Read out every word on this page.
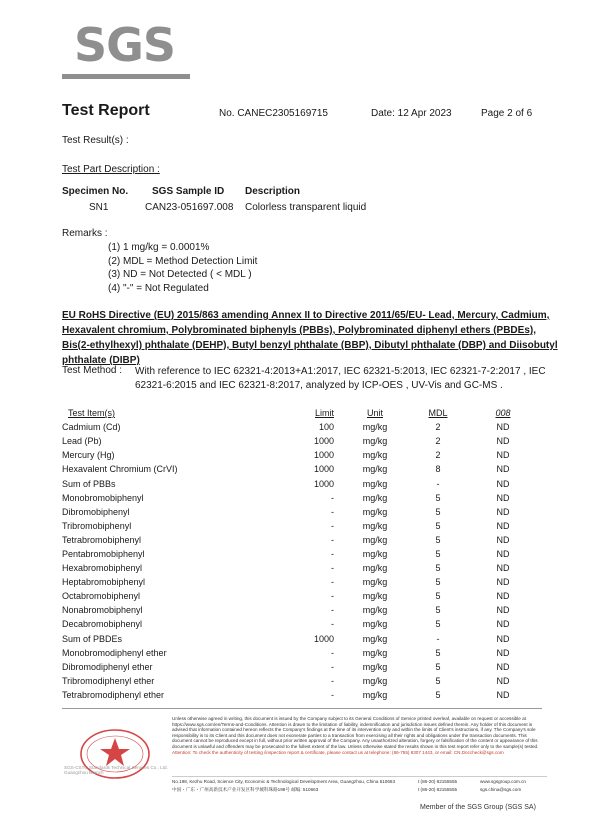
SGS
Test Report	No. CANEC2305169715	Date: 12 Apr 2023	Page 2 of 6
Test Result(s) :
Test Part Description :
Specimen No. SGS Sample ID Description
SN1	CAN23-051697.008 Colorless transparent liquid
Remarks :
(1) 1 mg/kg = 0.0001%
(2) MDL = Method Detection Limit
(3) ND = Not Detected ( < MDL )
(4) "-" = Not Regulated
EU RoHS Directive (EU) 2015/863 amending Annex II to Directive 2011/65/EU- Lead, Mercury, Cadmium,
Hexavalent chromium, Polybrominated biphenyls (PBBs), Polybrominated diphenyl ethers (PBDEs),
Bis(2-ethylhexyl) phthalate (DEHP), Butyl benzyl phthalate (BBP), Dibutyl phthalate (DBP) and Diisobutyl
phthalate (DIBP)
Test Method : With reference to IEC 62321-4:2013+A1:2017, IEC 62321-5:2013, IEC 62321-7-2:2017 , IEC
62321-6:2015 and IEC 62321-8:2017, analyzed by ICP-OES , UV-Vis and GC-MS .
Test Item(s)	Limit	Unit	MDL	008
Cadmium (Cd)	100	mg/kg	2	ND
Lead (Pb)	1000	mg/kg	2	ND
Mercury (Hg)	1000	mg/kg	2	ND
Hexavalent Chromium (CrVI)	1000	mg/kg	8	ND
Sum of PBBs	1000	mg/kg	-	ND
Monobromobiphenyl	-	mg/kg	5	ND
Dibromobiphenyl	-	mg/kg	5	ND
Tribromobiphenyl	-	mg/kg	5	ND
Tetrabromobiphenyl	-	mg/kg	5	ND
Pentabromobiphenyl	-	mg/kg	5	ND
Hexabromobiphenyl	-	mg/kg	5	ND
Heptabromobiphenyl	-	mg/kg	5	ND
Octabromobiphenyl	-	mg/kg	5	ND
Nonabromobiphenyl	-	mg/kg	5	ND
Decabromobiphenyl	-	mg/kg	5	ND
Sum of PBDEs	1000	mg/kg	-	ND
Monobromodiphenyl ether	-	mg/kg	5	ND
Dibromodiphenyl ether	-	mg/kg	5	ND
Tribromodiphenyl ether	-	mg/kg	5	ND
Tetrabromodiphenyl ether	-	mg/kg	5	ND
SGS-CSTC Standards Technical Services Co., Ltd.
Guangzhou Branch
Unless otherwise agreed in writing, this document is issued by the Company subject to its General Conditions of Service printed overleaf, available on request or accessible at https://www.sgs.com/en/Terms-and-Conditions. Attention is drawn to the limitation of liability, indemnification and jurisdiction issues defined therein. Any holder of this document is advised that information contained hereon reflects the Company's findings at the time of its intervention only and within the limits of Client's instructions, if any. The Company's sole responsibility is to its Client and this document does not exonerate parties to a transaction from exercising all their rights and obligations under the transaction documents. This document cannot be reproduced except in full, without prior written approval of the Company. Any unauthorized alteration, forgery or falsification of the content or appearance of this document is unlawful and offenders may be prosecuted to the fullest extent of the law. Unless otherwise stated the results shown in this test report refer only to the sample(s) tested.
Attention: To check the authenticity of testing /inspection report & certificate, please contact us at telephone: (86-755) 8307 1443, or email: CN.Doccheck@sgs.com
No.198, Kezhu Road, Science City, Economic & Technological Development Area, Guangzhou, China 510663
中国・广东・广州高新技术产业开发区科学城科珠路198号 邮编: 510663
t (86-20) 82155555
t (86-20) 82155555
www.sgsgroup.com.cn
sgs.china@sgs.com
Member of the SGS Group (SGS SA)
